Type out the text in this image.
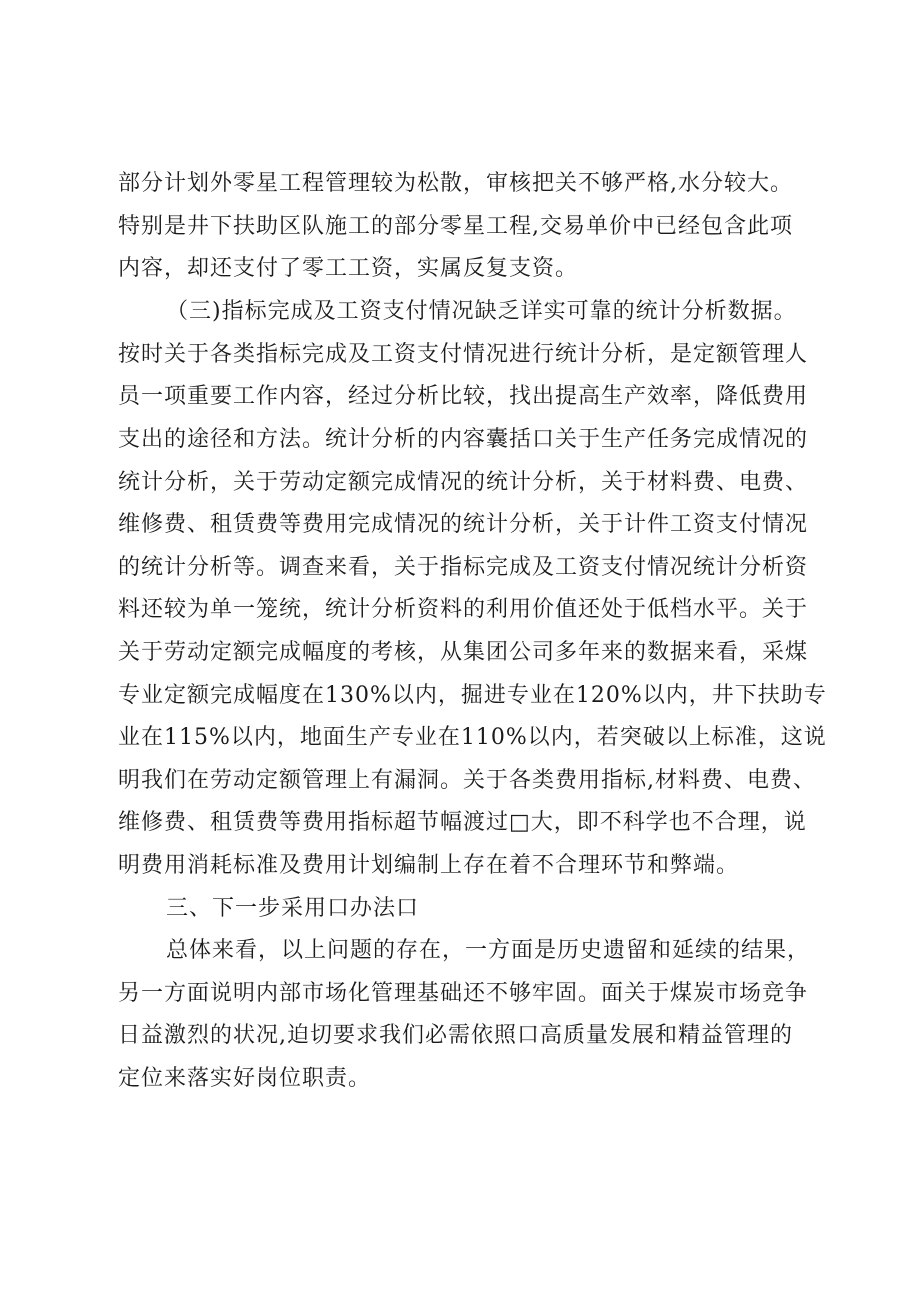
部分计划外零星工程管理较为松散，审核把关不够严格,水分较大。
特别是井下扶助区队施工的部分零星工程,交易单价中已经包含此项
内容，却还支付了零工工资，实属反复支资。
（三)指标完成及工资支付情况缺乏详实可靠的统计分析数据。
按时关于各类指标完成及工资支付情况进行统计分析，是定额管理人
员一项重要工作内容，经过分析比较，找出提高生产效率，降低费用
支出的途径和方法。统计分析的内容囊括口关于生产任务完成情况的
统计分析，关于劳动定额完成情况的统计分析，关于材料费、电费、
维修费、租赁费等费用完成情况的统计分析，关于计件工资支付情况
的统计分析等。调查来看，关于指标完成及工资支付情况统计分析资
料还较为单一笼统，统计分析资料的利用价值还处于低档水平。关于
关于劳动定额完成幅度的考核，从集团公司多年来的数据来看，采煤
专业定额完成幅度在130%以内，掘进专业在120%以内，井下扶助专
业在115%以内，地面生产专业在110%以内，若突破以上标准，这说
明我们在劳动定额管理上有漏洞。关于各类费用指标,材料费、电费、
维修费、租赁费等费用指标超节幅渡过□大，即不科学也不合理，说
明费用消耗标准及费用计划编制上存在着不合理环节和弊端。
三、下一步采用口办法口
总体来看，以上问题的存在，一方面是历史遗留和延续的结果，
另一方面说明内部市场化管理基础还不够牢固。面关于煤炭市场竞争
日益激烈的状况,迫切要求我们必需依照口高质量发展和精益管理的
定位来落实好岗位职责。
